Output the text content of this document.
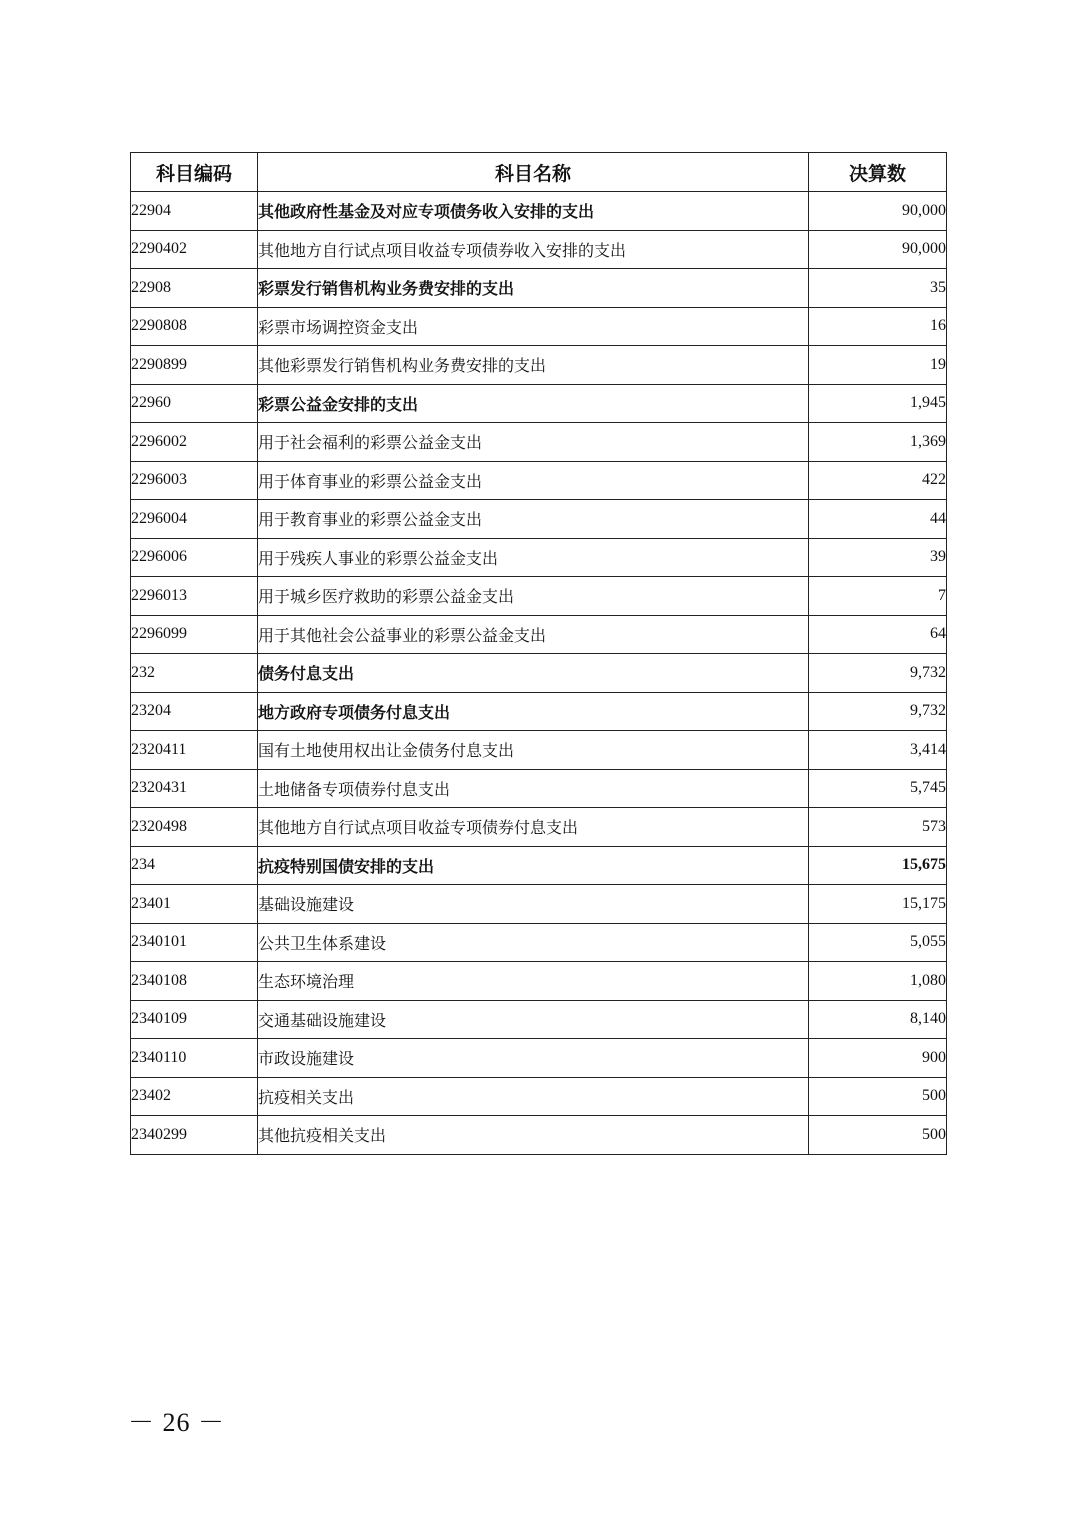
科目编码	科目名称	决算数
22904	其他政府性基金及对应专项债务收入安排的支出	90,000
2290402	其他地方自行试点项目收益专项债券收入安排的支出	90,000
22908	彩票发行销售机构业务费安排的支出	35
2290808	彩票市场调控资金支出	16
2290899	其他彩票发行销售机构业务费安排的支出	19
22960	彩票公益金安排的支出	1,945
2296002	用于社会福利的彩票公益金支出	1,369
2296003	用于体育事业的彩票公益金支出	422
2296004	用于教育事业的彩票公益金支出	44
2296006	用于残疾人事业的彩票公益金支出	39
2296013	用于城乡医疗救助的彩票公益金支出	7
2296099	用于其他社会公益事业的彩票公益金支出	64
232	债务付息支出	9,732
23204	地方政府专项债务付息支出	9,732
2320411	国有土地使用权出让金债务付息支出	3,414
2320431	土地储备专项债券付息支出	5,745
2320498	其他地方自行试点项目收益专项债券付息支出	573
234	抗疫特别国债安排的支出	15,675
23401	基础设施建设	15,175
2340101	公共卫生体系建设	5,055
2340108	生态环境治理	1,080
2340109	交通基础设施建设	8,140
2340110	市政设施建设	900
23402	抗疫相关支出	500
2340299	其他抗疫相关支出	500
－ 26 －
